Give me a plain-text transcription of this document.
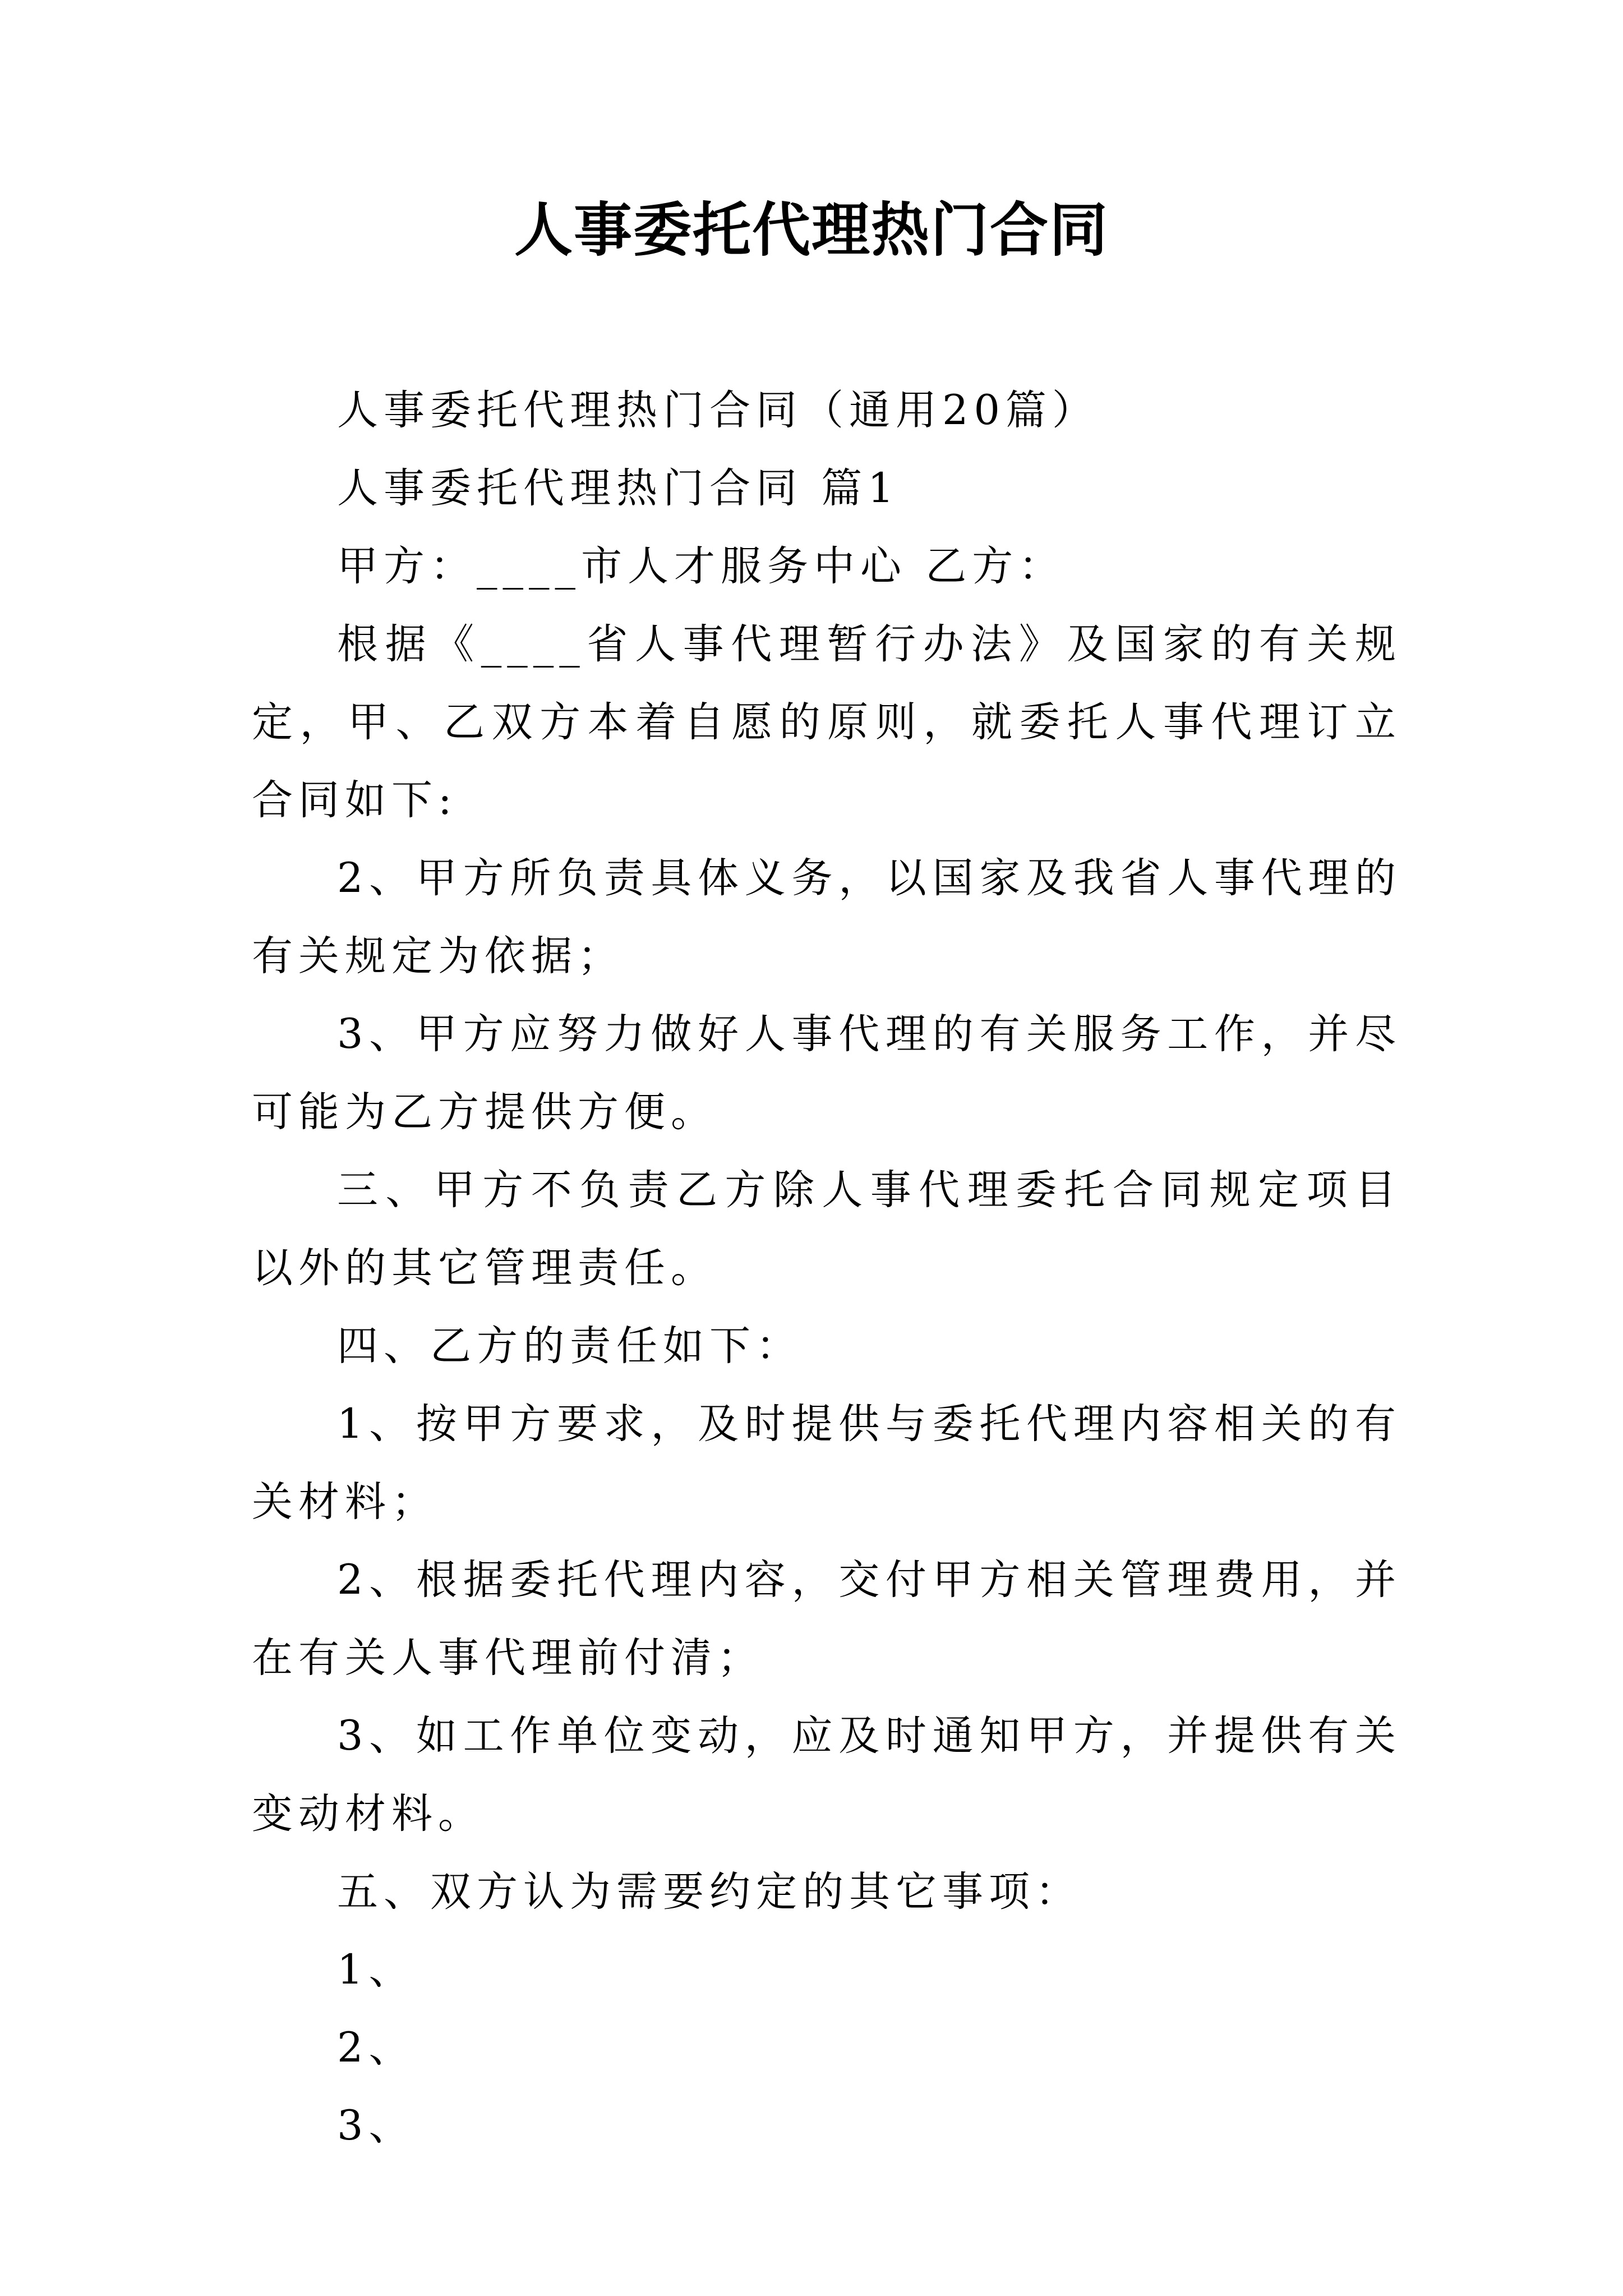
人事委托代理热门合同

人事委托代理热门合同（通用20篇）

人事委托代理热门合同 篇1

甲方：____市人才服务中心 乙方：

根据《____省人事代理暂行办法》及国家的有关规定，甲、乙双方本着自愿的原则，就委托人事代理订立合同如下:

2、甲方所负责具体义务，以国家及我省人事代理的有关规定为依据；

3、甲方应努力做好人事代理的有关服务工作，并尽可能为乙方提供方便。

三、甲方不负责乙方除人事代理委托合同规定项目以外的其它管理责任。

四、乙方的责任如下：

1、按甲方要求，及时提供与委托代理内容相关的有关材料；

2、根据委托代理内容，交付甲方相关管理费用，并在有关人事代理前付清；

3、如工作单位变动，应及时通知甲方，并提供有关变动材料。

五、双方认为需要约定的其它事项：

1、

2、

3、
